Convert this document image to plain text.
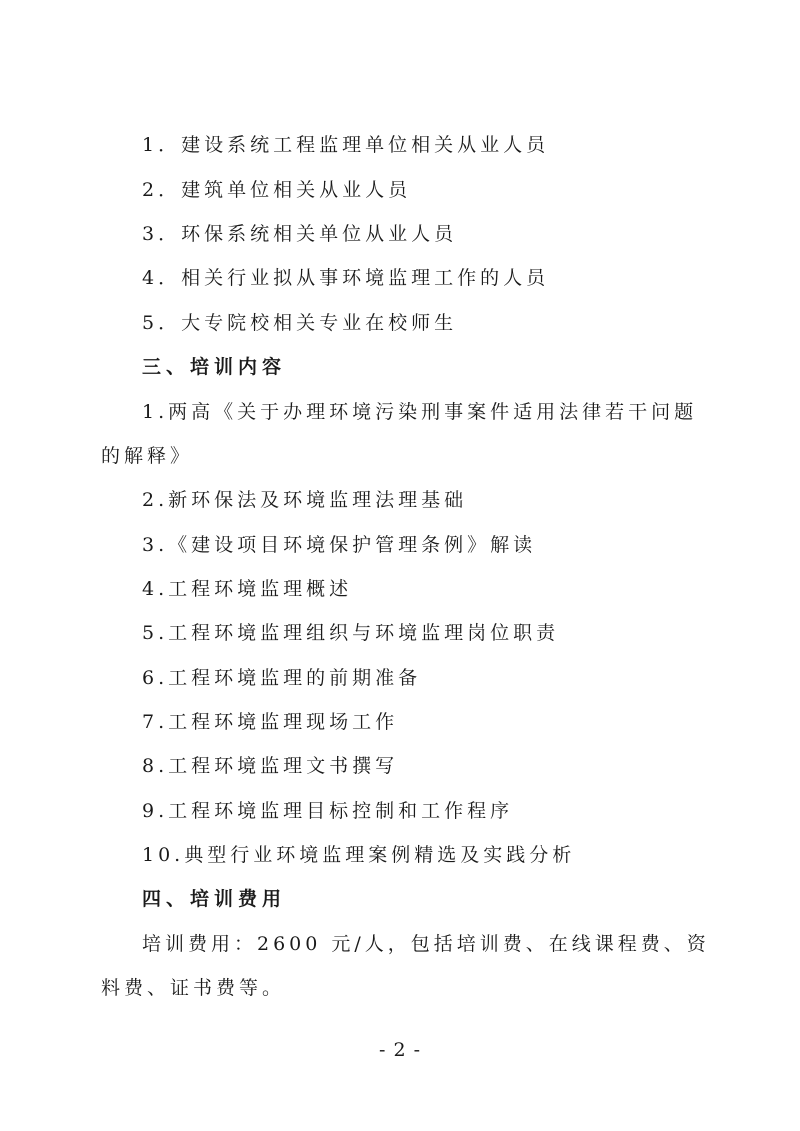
1．建设系统工程监理单位相关从业人员
2．建筑单位相关从业人员
3．环保系统相关单位从业人员
4．相关行业拟从事环境监理工作的人员
5．大专院校相关专业在校师生
三、培训内容
1.两高《关于办理环境污染刑事案件适用法律若干问题
的解释》
2.新环保法及环境监理法理基础
3.《建设项目环境保护管理条例》解读
4.工程环境监理概述
5.工程环境监理组织与环境监理岗位职责
6.工程环境监理的前期准备
7.工程环境监理现场工作
8.工程环境监理文书撰写
9.工程环境监理目标控制和工作程序
10.典型行业环境监理案例精选及实践分析
四、培训费用
培训费用：2600 元/人，包括培训费、在线课程费、资
料费、证书费等。
- 2 -
